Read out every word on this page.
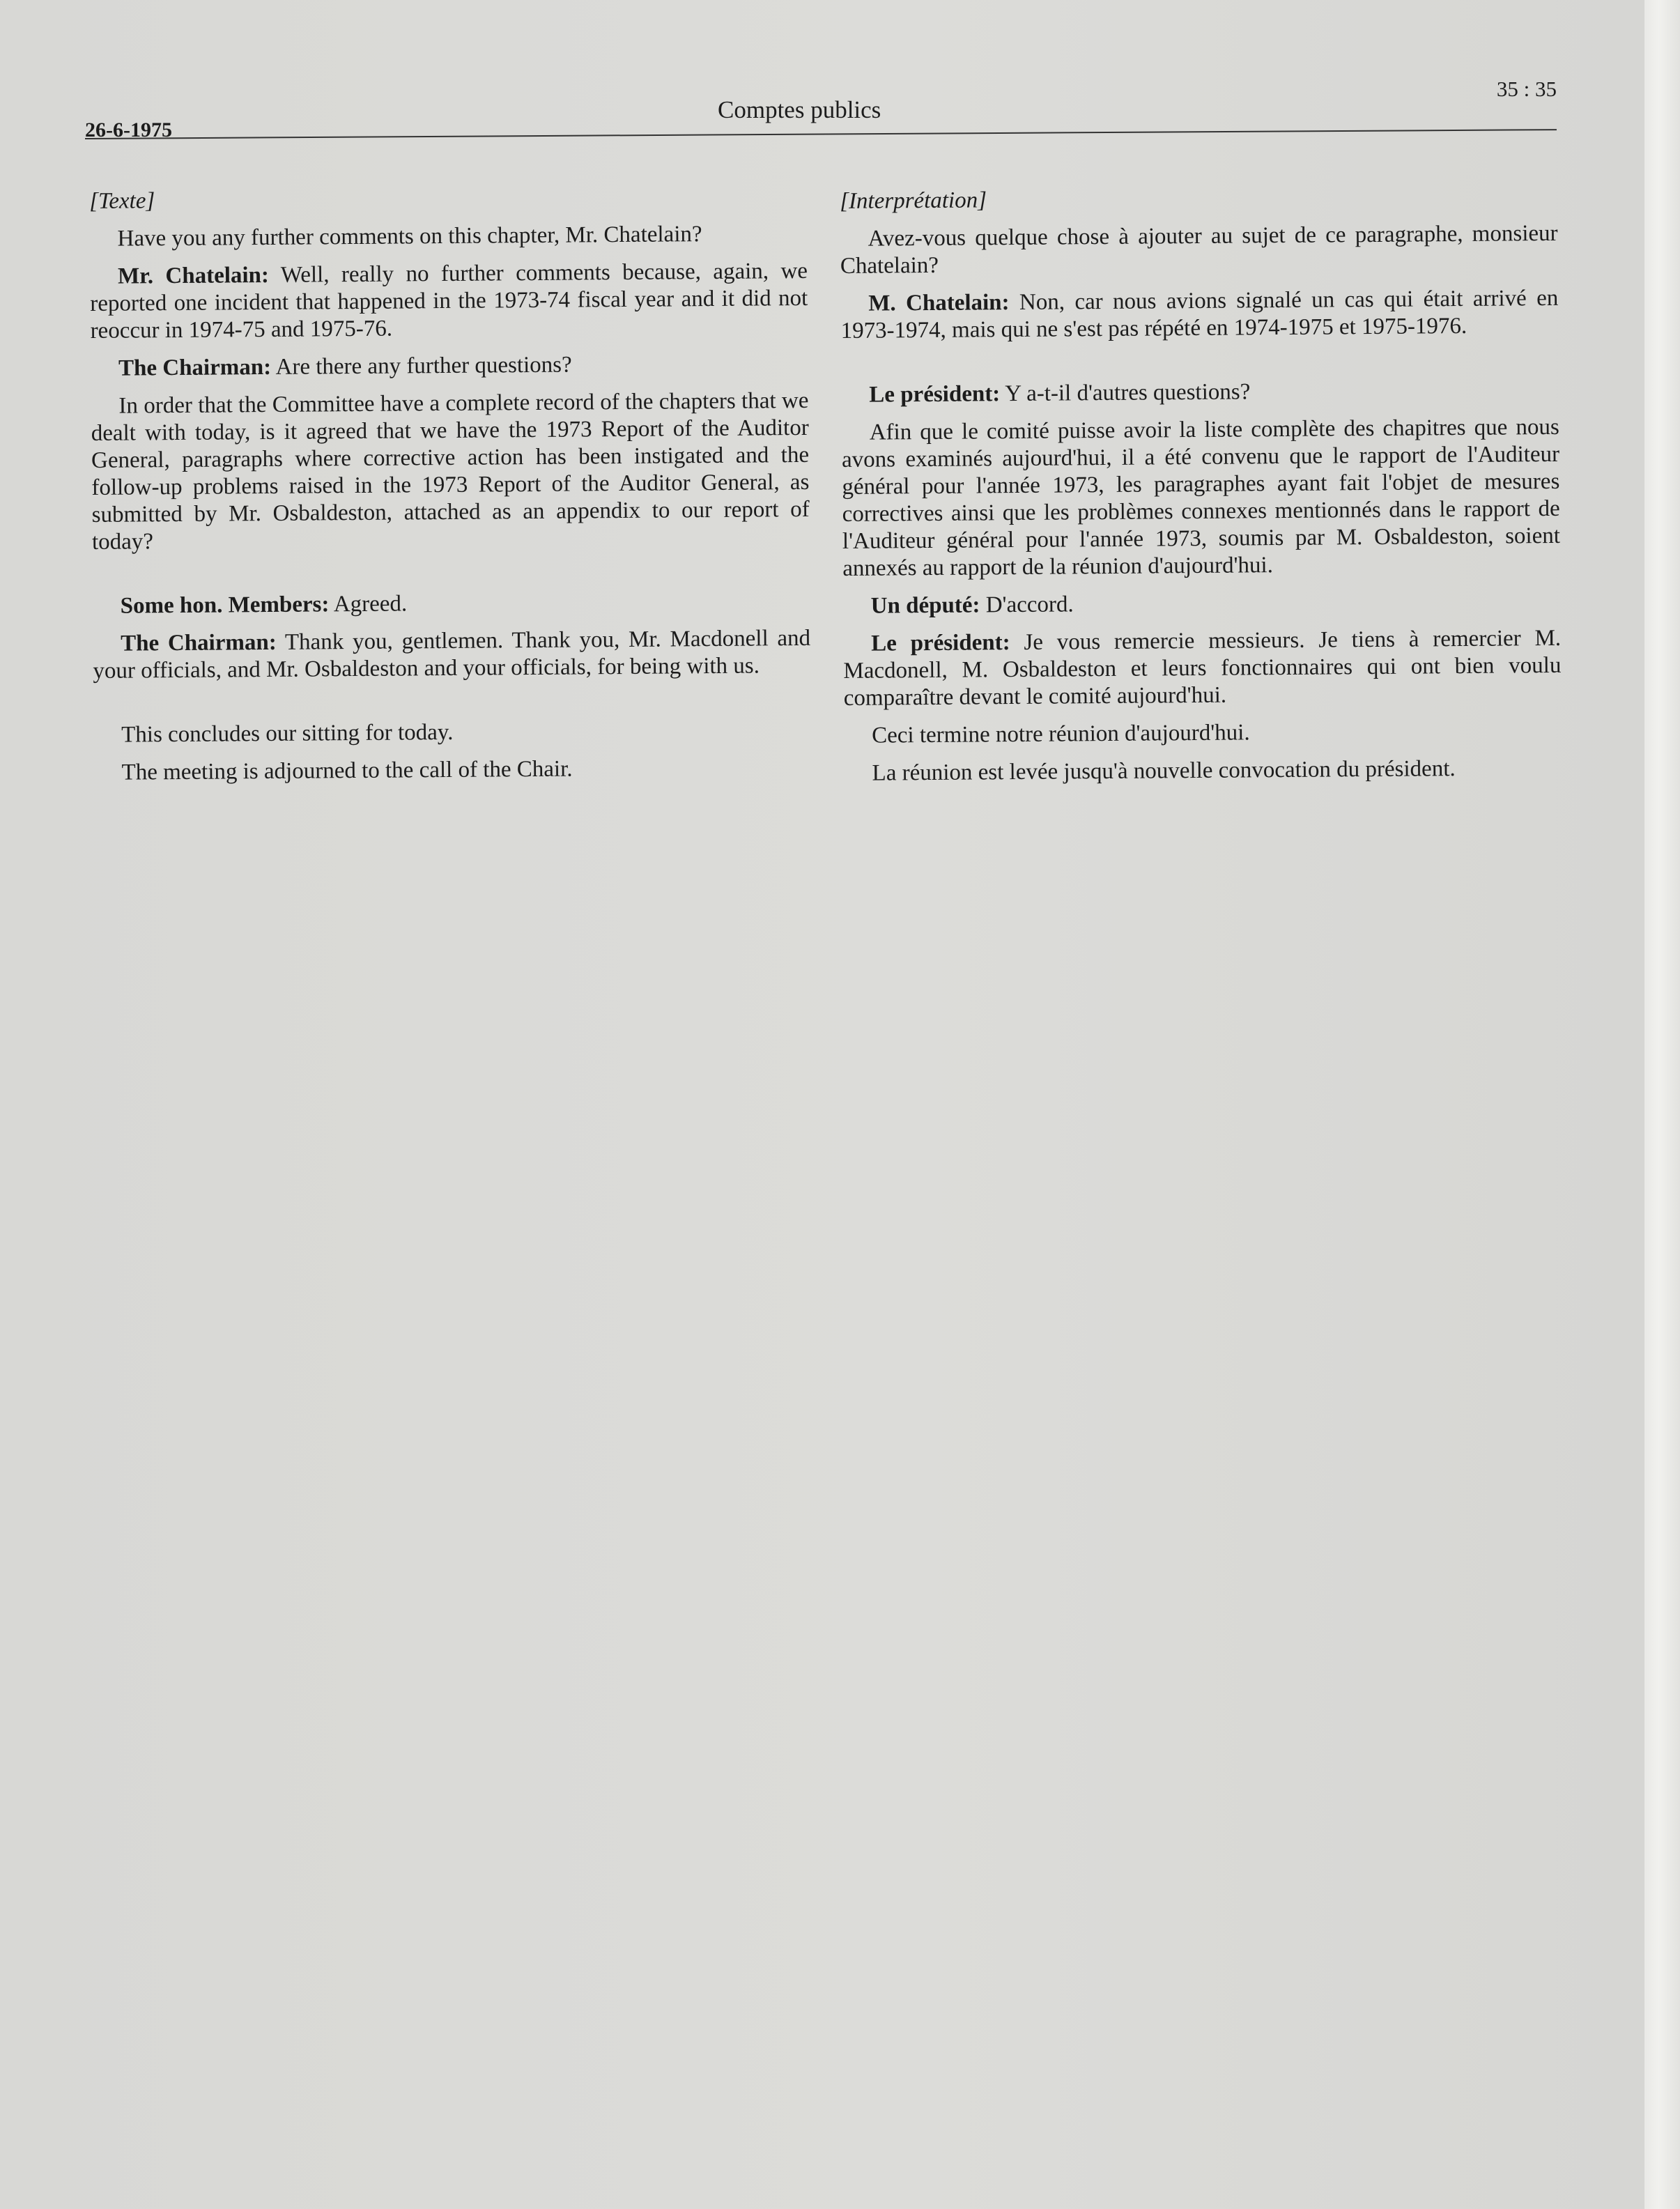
26-6-1975
Comptes publics
35 : 35

[Texte]

Have you any further comments on this chapter, Mr. Chatelain?

Mr. Chatelain: Well, really no further comments because, again, we reported one incident that happened in the 1973-74 fiscal year and it did not reoccur in 1974-75 and 1975-76.

The Chairman: Are there any further questions?

In order that the Committee have a complete record of the chapters that we dealt with today, is it agreed that we have the 1973 Report of the Auditor General, paragraphs where corrective action has been instigated and the follow-up problems raised in the 1973 Report of the Auditor General, as submitted by Mr. Osbaldeston, attached as an appendix to our report of today?

Some hon. Members: Agreed.

The Chairman: Thank you, gentlemen. Thank you, Mr. Macdonell and your officials, and Mr. Osbaldeston and your officials, for being with us.

This concludes our sitting for today.

The meeting is adjourned to the call of the Chair.

[Interprétation]

Avez-vous quelque chose à ajouter au sujet de ce paragraphe, monsieur Chatelain?

M. Chatelain: Non, car nous avions signalé un cas qui était arrivé en 1973-1974, mais qui ne s'est pas répété en 1974-1975 et 1975-1976.

Le président: Y a-t-il d'autres questions?

Afin que le comité puisse avoir la liste complète des chapitres que nous avons examinés aujourd'hui, il a été convenu que le rapport de l'Auditeur général pour l'année 1973, les paragraphes ayant fait l'objet de mesures correctives ainsi que les problèmes connexes mentionnés dans le rapport de l'Auditeur général pour l'année 1973, soumis par M. Osbaldeston, soient annexés au rapport de la réunion d'aujourd'hui.

Un député: D'accord.

Le président: Je vous remercie messieurs. Je tiens à remercier M. Macdonell, M. Osbaldeston et leurs fonctionnaires qui ont bien voulu comparaître devant le comité aujourd'hui.

Ceci termine notre réunion d'aujourd'hui.

La réunion est levée jusqu'à nouvelle convocation du président.
